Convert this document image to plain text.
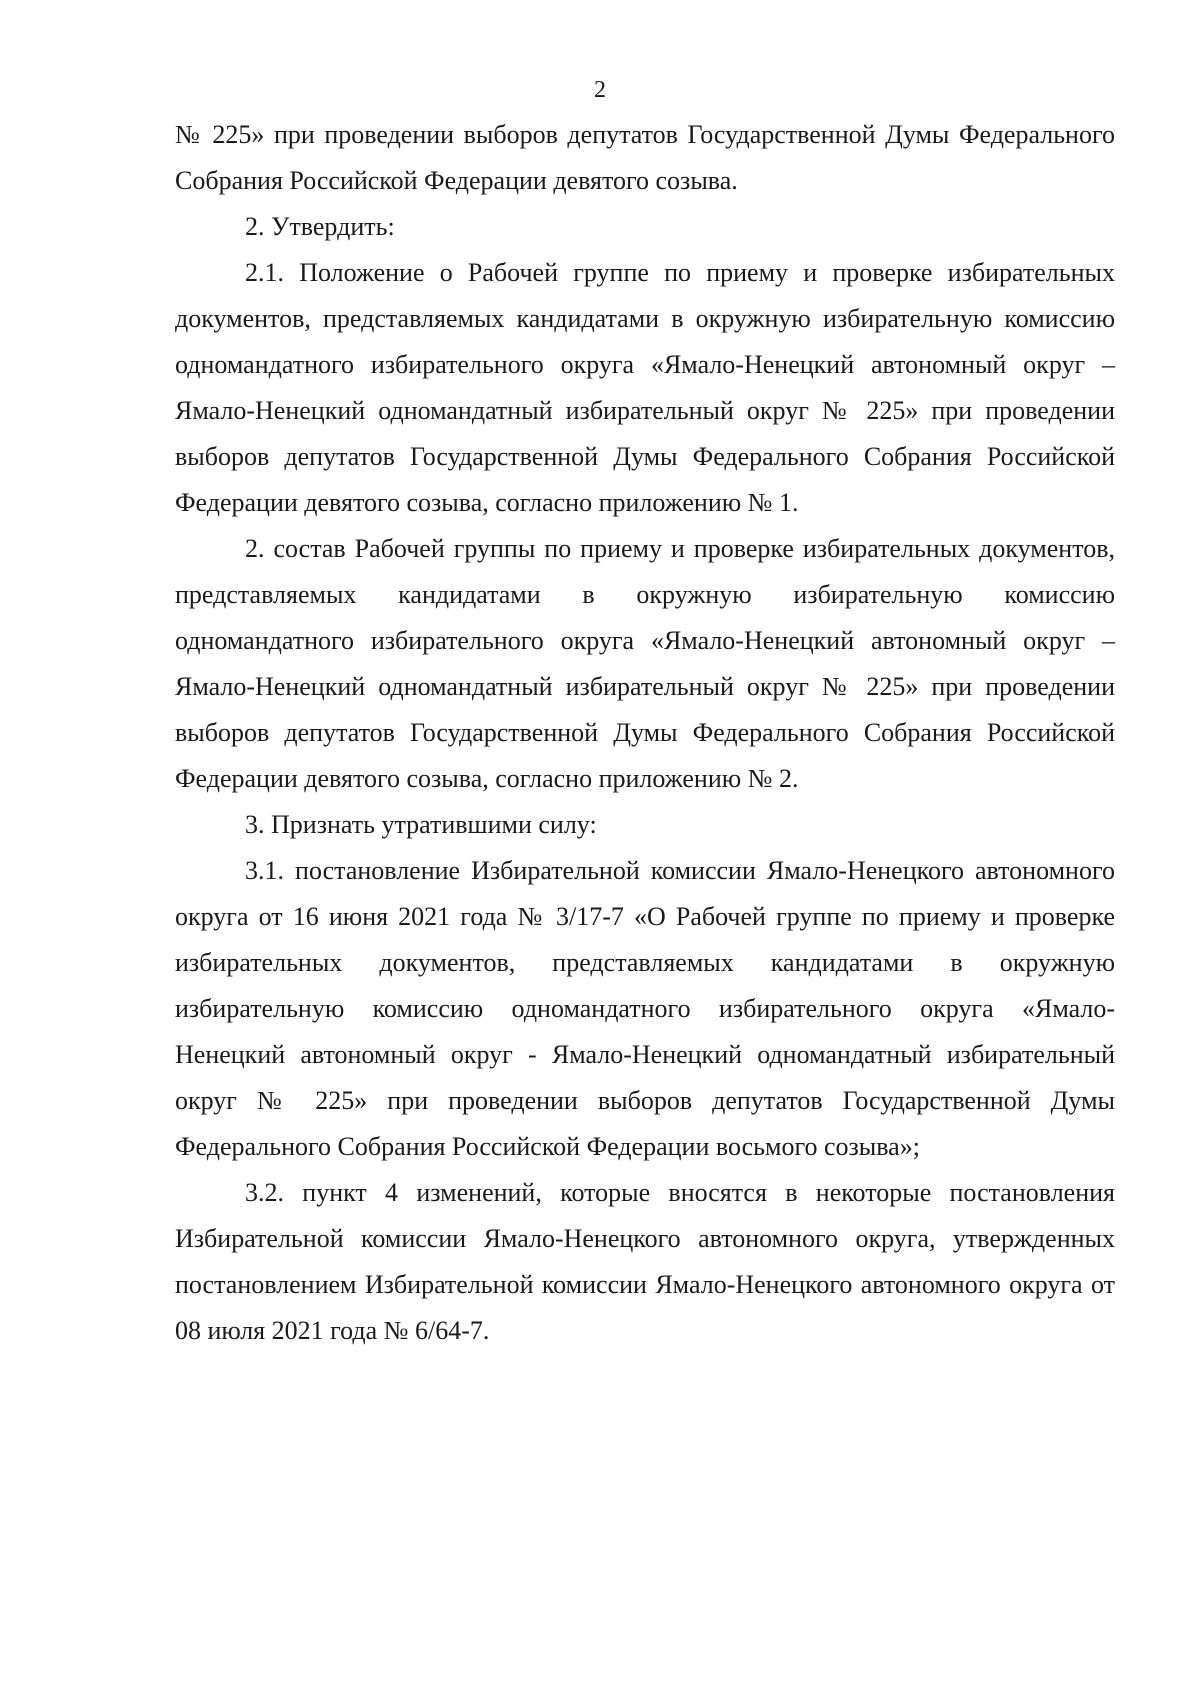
2

№ 225» при проведении выборов депутатов Государственной Думы Федерального Собрания Российской Федерации девятого созыва.

2. Утвердить:

2.1. Положение о Рабочей группе по приему и проверке избирательных документов, представляемых кандидатами в окружную избирательную комиссию одномандатного избирательного округа «Ямало-Ненецкий автономный округ – Ямало-Ненецкий одномандатный избирательный округ № 225» при проведении выборов депутатов Государственной Думы Федерального Собрания Российской Федерации девятого созыва, согласно приложению № 1.

2. состав Рабочей группы по приему и проверке избирательных документов, представляемых кандидатами в окружную избирательную комиссию одномандатного избирательного округа «Ямало-Ненецкий автономный округ – Ямало-Ненецкий одномандатный избирательный округ № 225» при проведении выборов депутатов Государственной Думы Федерального Собрания Российской Федерации девятого созыва, согласно приложению № 2.

3. Признать утратившими силу:

3.1. постановление Избирательной комиссии Ямало-Ненецкого автономного округа от 16 июня 2021 года № 3/17-7 «О Рабочей группе по приему и проверке избирательных документов, представляемых кандидатами в окружную избирательную комиссию одномандатного избирательного округа «Ямало-Ненецкий автономный округ - Ямало-Ненецкий одномандатный избирательный округ № 225» при проведении выборов депутатов Государственной Думы Федерального Собрания Российской Федерации восьмого созыва»;

3.2. пункт 4 изменений, которые вносятся в некоторые постановления Избирательной комиссии Ямало-Ненецкого автономного округа, утвержденных постановлением Избирательной комиссии Ямало-Ненецкого автономного округа от 08 июля 2021 года № 6/64-7.
